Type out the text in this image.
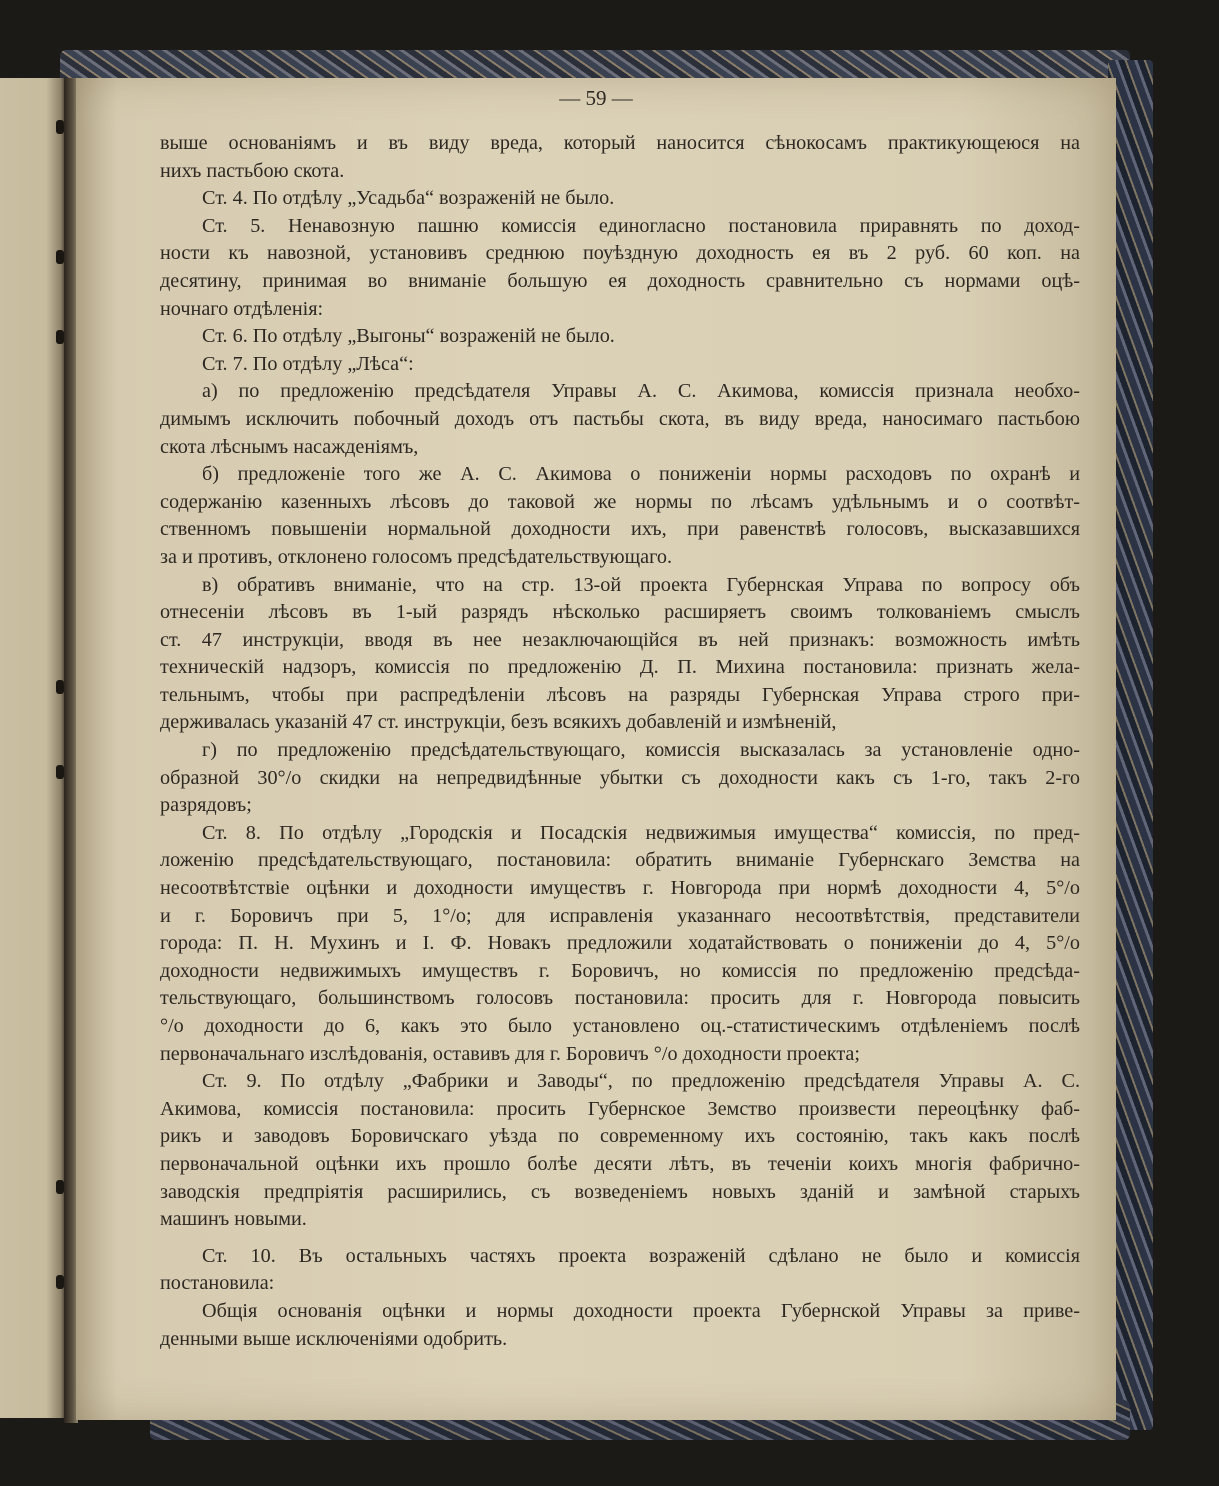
— 59 —
выше основаніямъ и въ виду вреда, который наносится сѣнокосамъ практикующеюся на
нихъ пастьбою скота.
Ст. 4. По отдѣлу „Усадьба“ возраженій не было.
Ст. 5. Ненавозную пашню комиссія единогласно постановила приравнять по доход-
ности къ навозной, установивъ среднюю поуѣздную доходность ея въ 2 руб. 60 коп. на
десятину, принимая во вниманіе большую ея доходность сравнительно съ нормами оцѣ-
ночнаго отдѣленія:
Ст. 6. По отдѣлу „Выгоны“ возраженій не было.
Ст. 7. По отдѣлу „Лѣса“:
а) по предложенію предсѣдателя Управы А. С. Акимова, комиссія признала необхо-
димымъ исключить побочный доходъ отъ пастьбы скота, въ виду вреда, наносимаго пастьбою
скота лѣснымъ насажденіямъ,
б) предложеніе того же А. С. Акимова о пониженіи нормы расходовъ по охранѣ и
содержанію казенныхъ лѣсовъ до таковой же нормы по лѣсамъ удѣльнымъ и о соотвѣт-
ственномъ повышеніи нормальной доходности ихъ, при равенствѣ голосовъ, высказавшихся
за и противъ, отклонено голосомъ предсѣдательствующаго.
в) обративъ вниманіе, что на стр. 13-ой проекта Губернская Управа по вопросу объ
отнесеніи лѣсовъ въ 1-ый разрядъ нѣсколько расширяетъ своимъ толкованіемъ смыслъ
ст. 47 инструкціи, вводя въ нее незаключающійся въ ней признакъ: возможность имѣть
техническій надзоръ, комиссія по предложенію Д. П. Михина постановила: признать жела-
тельнымъ, чтобы при распредѣленіи лѣсовъ на разряды Губернская Управа строго при-
держивалась указаній 47 ст. инструкціи, безъ всякихъ добавленій и измѣненій,
г) по предложенію предсѣдательствующаго, комиссія высказалась за установленіе одно-
образной 30°/о скидки на непредвидѣнные убытки съ доходности какъ съ 1-го, такъ 2-го
разрядовъ;
Ст. 8. По отдѣлу „Городскія и Посадскія недвижимыя имущества“ комиссія, по пред-
ложенію предсѣдательствующаго, постановила: обратить вниманіе Губернскаго Земства на
несоотвѣтствіе оцѣнки и доходности имуществъ г. Новгорода при нормѣ доходности 4, 5°/о
и г. Боровичъ при 5, 1°/о; для исправленія указаннаго несоотвѣтствія, представители
города: П. Н. Мухинъ и І. Ф. Новакъ предложили ходатайствовать о пониженіи до 4, 5°/о
доходности недвижимыхъ имуществъ г. Боровичъ, но комиссія по предложенію предсѣда-
тельствующаго, большинствомъ голосовъ постановила: просить для г. Новгорода повысить
°/о доходности до 6, какъ это было установлено оц.-статистическимъ отдѣленіемъ послѣ
первоначальнаго изслѣдованія, оставивъ для г. Боровичъ °/о доходности проекта;
Ст. 9. По отдѣлу „Фабрики и Заводы“, по предложенію предсѣдателя Управы А. С.
Акимова, комиссія постановила: просить Губернское Земство произвести переоцѣнку фаб-
рикъ и заводовъ Боровичскаго уѣзда по современному ихъ состоянію, такъ какъ послѣ
первоначальной оцѣнки ихъ прошло болѣе десяти лѣтъ, въ теченіи коихъ многія фабрично-
заводскія предпріятія расширились, съ возведеніемъ новыхъ зданій и замѣной старыхъ
машинъ новыми.
Ст. 10. Въ остальныхъ частяхъ проекта возраженій сдѣлано не было и комиссія
постановила:
Общія основанія оцѣнки и нормы доходности проекта Губернской Управы за приве-
денными выше исключеніями одобрить.
